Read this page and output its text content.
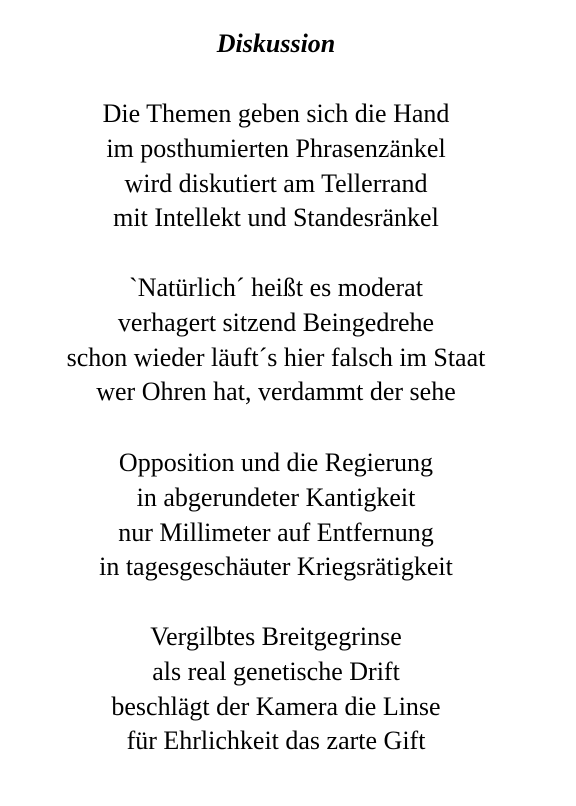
Diskussion
Die Themen geben sich die Hand
im posthumierten Phrasenzänkel
wird diskutiert am Tellerrand
mit Intellekt und Standesränkel
`Natürlich´ heißt es moderat
verhagert sitzend Beingedrehe
schon wieder läuft´s hier falsch im Staat
wer Ohren hat, verdammt der sehe
Opposition und die Regierung
in abgerundeter Kantigkeit
nur Millimeter auf Entfernung
in tagesgeschäuter Kriegsrätigkeit
Vergilbtes Breitgegrinse
als real genetische Drift
beschlägt der Kamera die Linse
für Ehrlichkeit das zarte Gift
